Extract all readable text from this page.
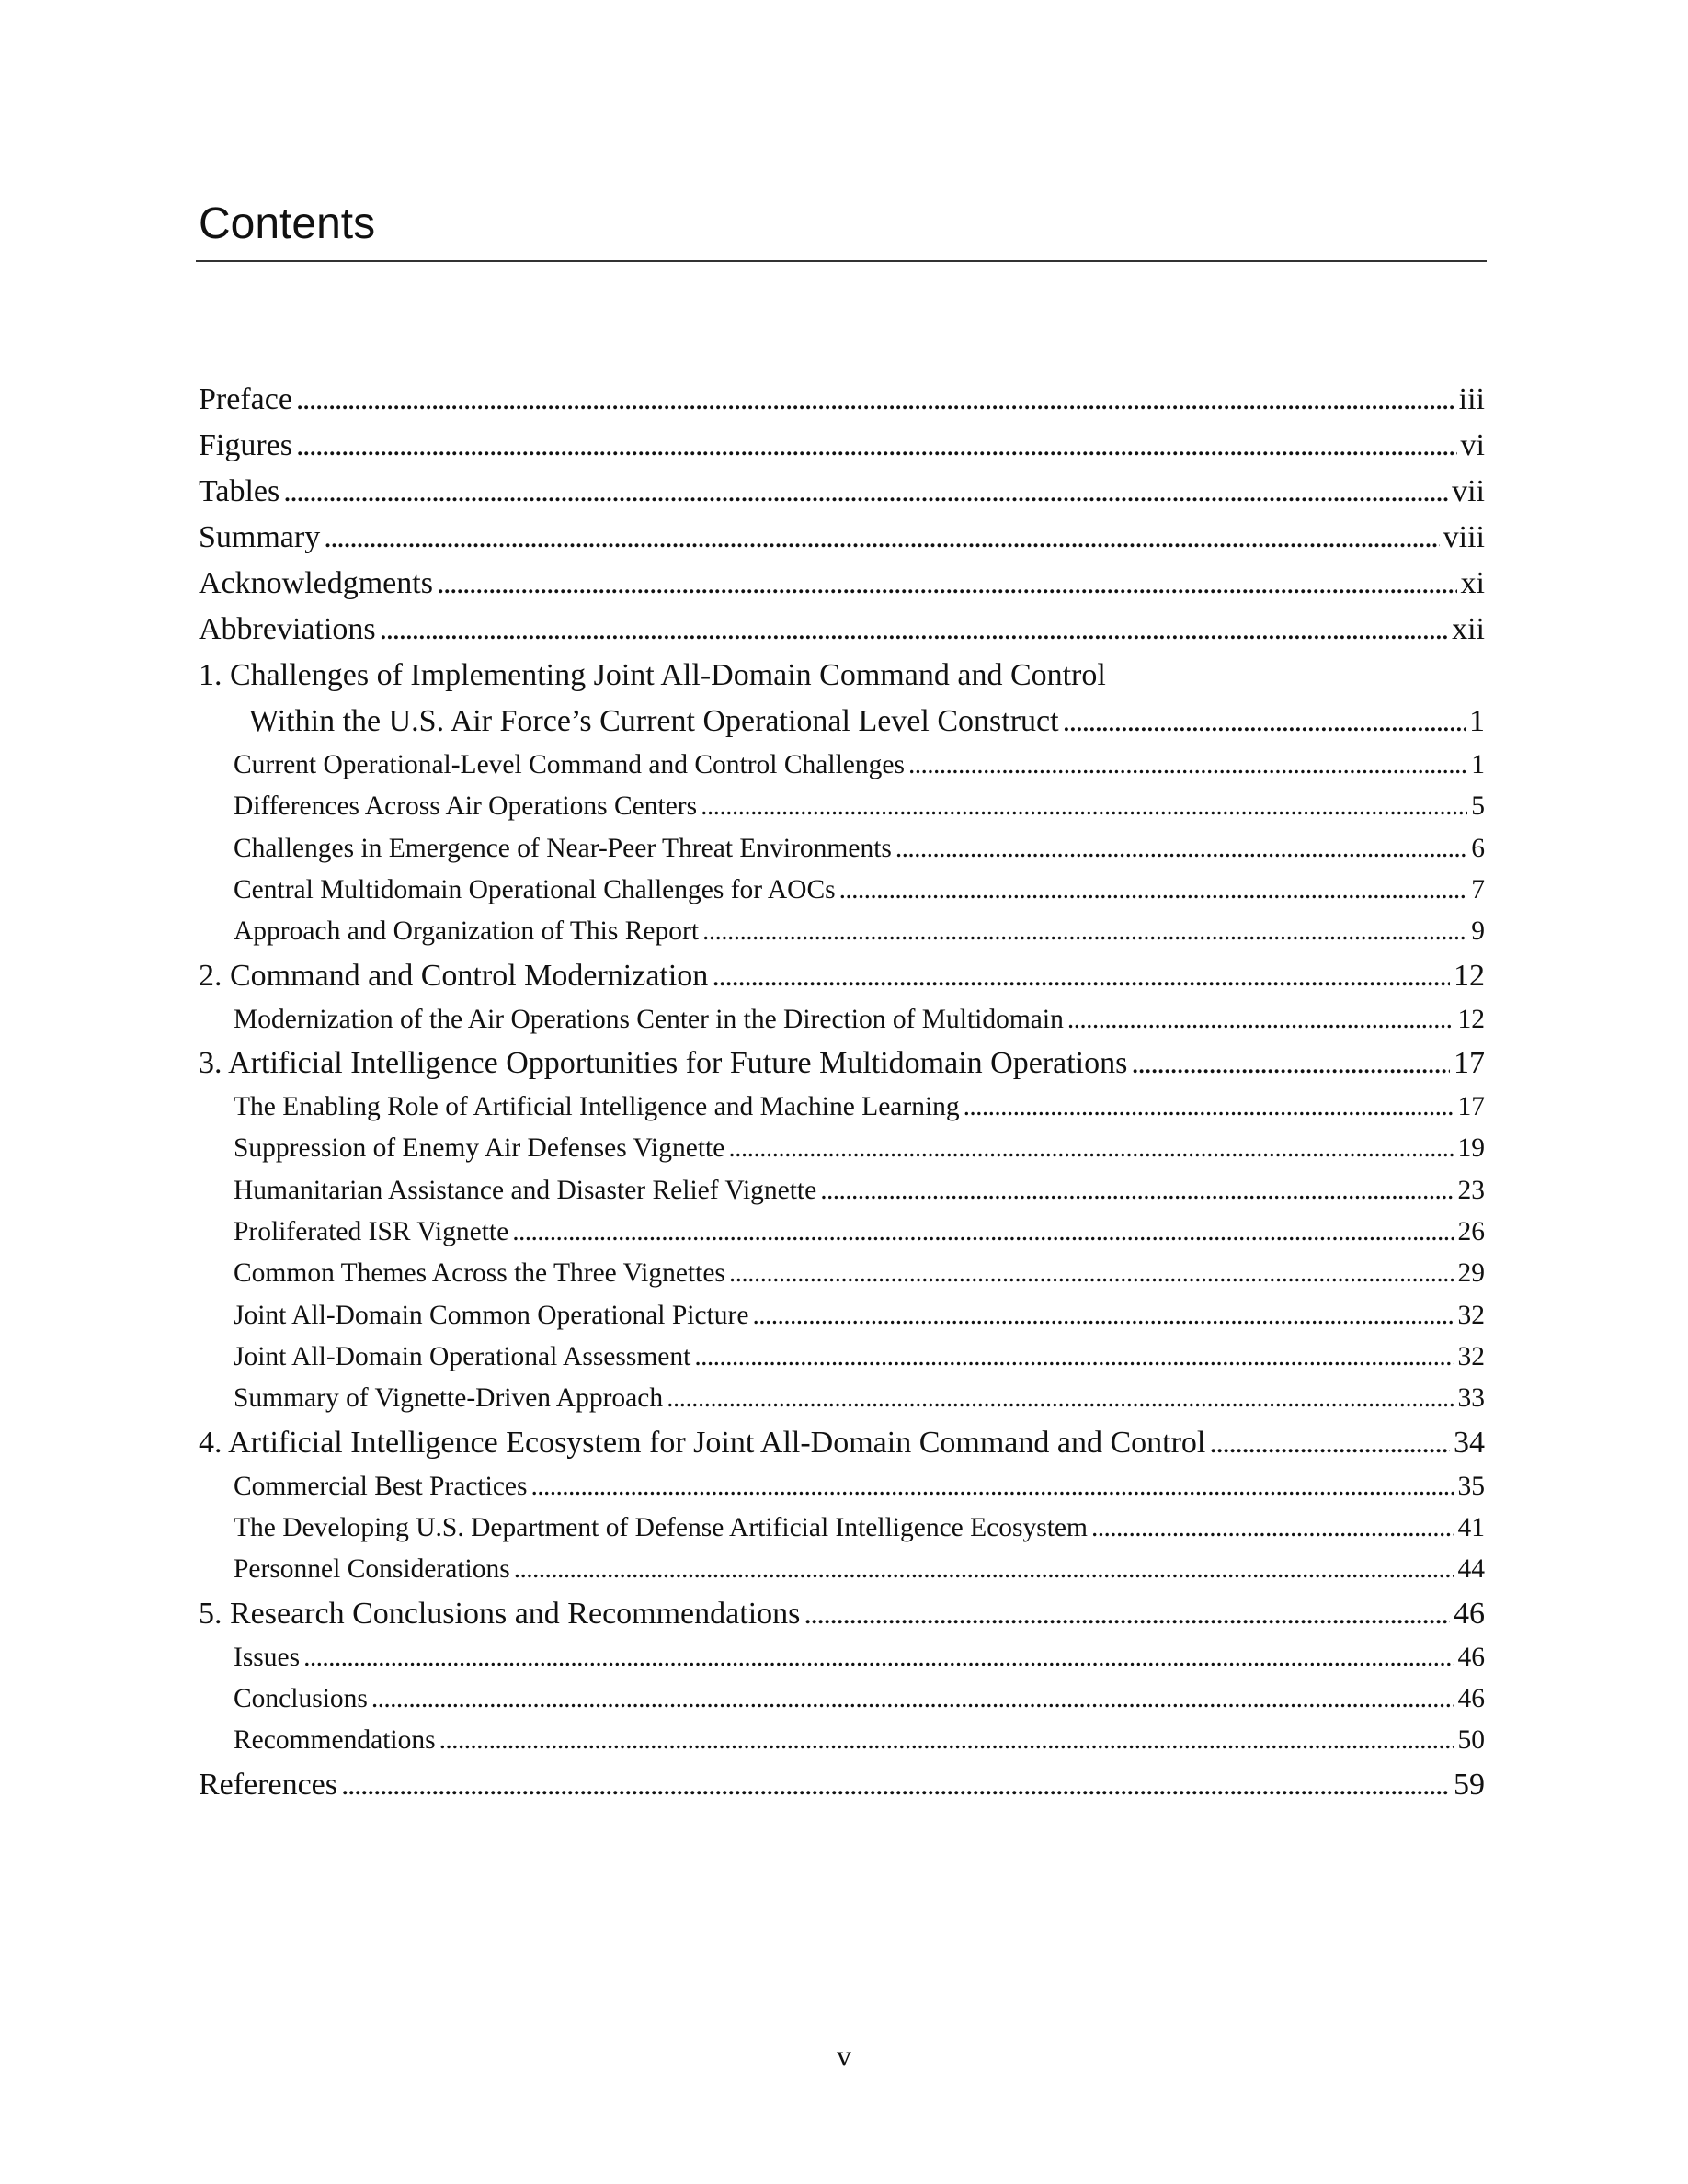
Contents
Preface . . .	iii
Figures . . .	vi
Tables . . .	vii
Summary . . .	viii
Acknowledgments . . .	xi
Abbreviations . . .	xii
1. Challenges of Implementing Joint All-Domain Command and Control
Within the U.S. Air Force’s Current Operational Level Construct . . .	1
Current Operational-Level Command and Control Challenges . . .	1
Differences Across Air Operations Centers . . .	5
Challenges in Emergence of Near-Peer Threat Environments . . .	6
Central Multidomain Operational Challenges for AOCs . . .	7
Approach and Organization of This Report . . .	9
2. Command and Control Modernization . . .	12
Modernization of the Air Operations Center in the Direction of Multidomain . . .	12
3. Artificial Intelligence Opportunities for Future Multidomain Operations . . .	17
The Enabling Role of Artificial Intelligence and Machine Learning . . .	17
Suppression of Enemy Air Defenses Vignette . . .	19
Humanitarian Assistance and Disaster Relief Vignette . . .	23
Proliferated ISR Vignette . . .	26
Common Themes Across the Three Vignettes . . .	29
Joint All-Domain Common Operational Picture . . .	32
Joint All-Domain Operational Assessment . . .	32
Summary of Vignette-Driven Approach . . .	33
4. Artificial Intelligence Ecosystem for Joint All-Domain Command and Control . . .	34
Commercial Best Practices . . .	35
The Developing U.S. Department of Defense Artificial Intelligence Ecosystem . . .	41
Personnel Considerations . . .	44
5. Research Conclusions and Recommendations . . .	46
Issues . . .	46
Conclusions . . .	46
Recommendations . . .	50
References . . .	59
v
